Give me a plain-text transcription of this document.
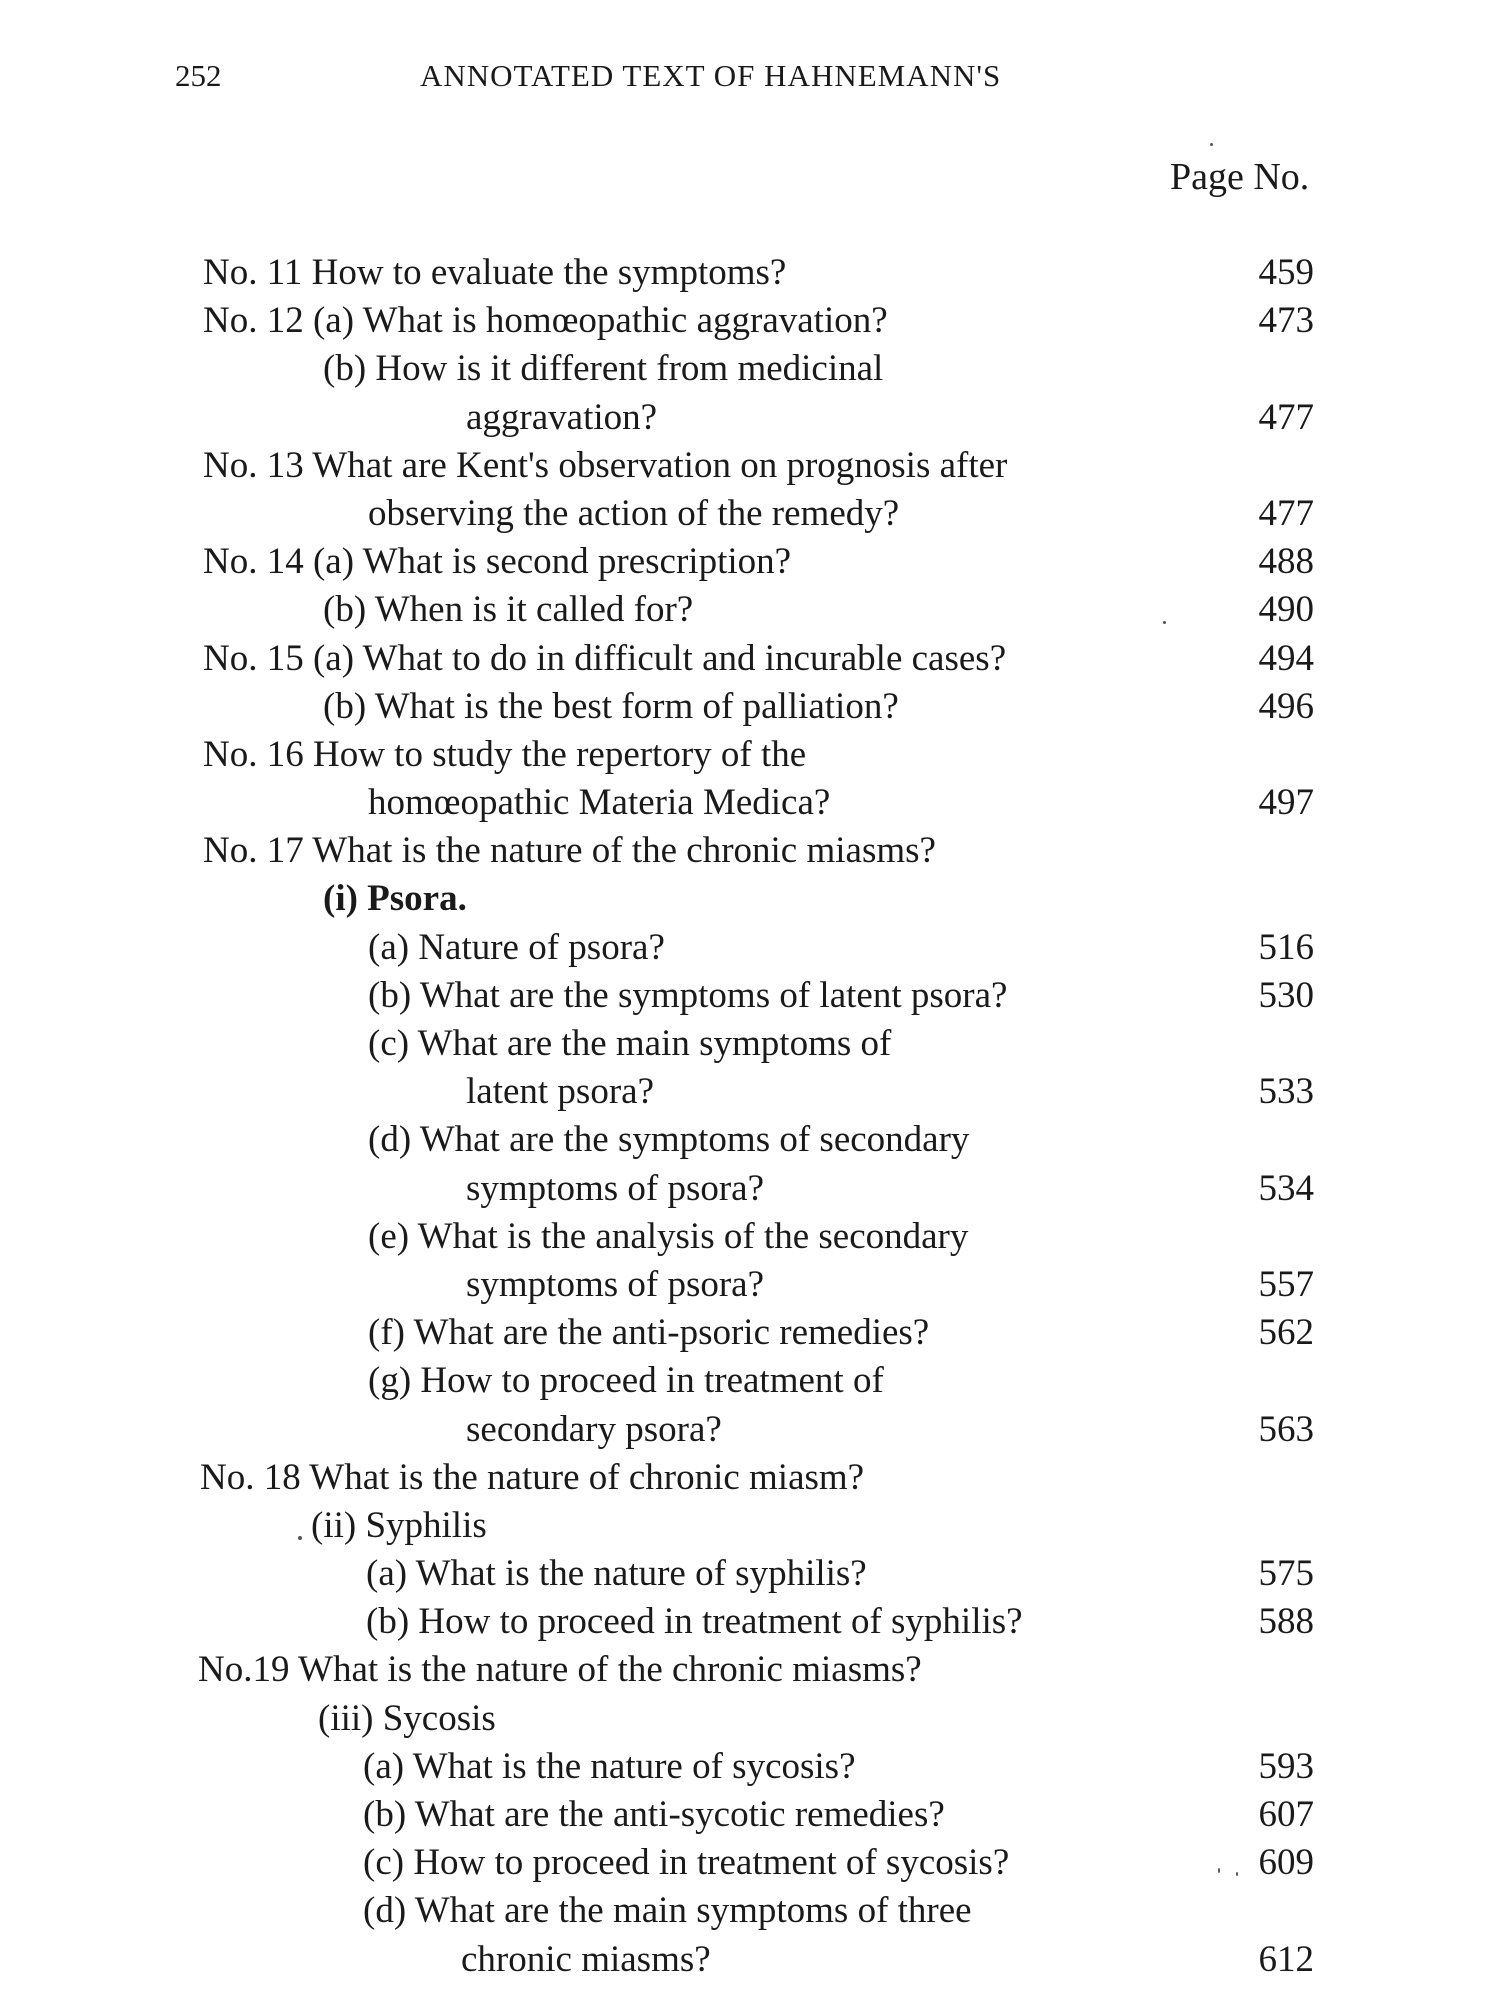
252	ANNOTATED TEXT OF HAHNEMANN'S
Page No.
No. 11 How to evaluate the symptoms?	459
No. 12 (a) What is homœopathic aggravation?	473
(b) How is it different from medicinal
aggravation?	477
No. 13 What are Kent's observation on prognosis after
observing the action of the remedy?	477
No. 14 (a) What is second prescription?	488
(b) When is it called for?	490
No. 15 (a) What to do in difficult and incurable cases?	494
(b) What is the best form of palliation?	496
No. 16 How to study the repertory of the
homœopathic Materia Medica?	497
No. 17 What is the nature of the chronic miasms?
(i) Psora.
(a) Nature of psora?	516
(b) What are the symptoms of latent psora?	530
(c) What are the main symptoms of
latent psora?	533
(d) What are the symptoms of secondary
symptoms of psora?	534
(e) What is the analysis of the secondary
symptoms of psora?	557
(f) What are the anti-psoric remedies?	562
(g) How to proceed in treatment of
secondary psora?	563
No. 18 What is the nature of chronic miasm?
(ii) Syphilis
(a) What is the nature of syphilis?	575
(b) How to proceed in treatment of syphilis?	588
No.19 What is the nature of the chronic miasms?
(iii) Sycosis
(a) What is the nature of sycosis?	593
(b) What are the anti-sycotic remedies?	607
(c) How to proceed in treatment of sycosis?	609
(d) What are the main symptoms of three
chronic miasms?	612
